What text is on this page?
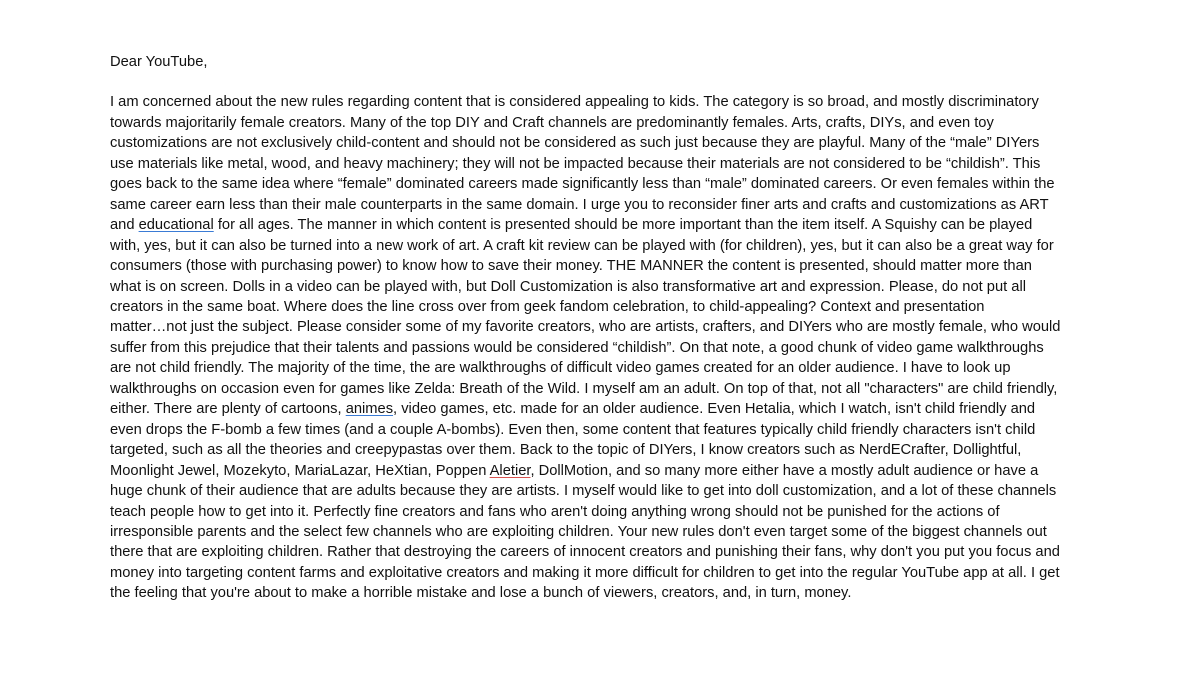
Dear YouTube,
I am concerned about the new rules regarding content that is considered appealing to kids. The category is so broad, and mostly discriminatory
towards majoritarily female creators. Many of the top DIY and Craft channels are predominantly females. Arts, crafts, DIYs, and even toy
customizations are not exclusively child-content and should not be considered as such just because they are playful. Many of the “male” DIYers
use materials like metal, wood, and heavy machinery; they will not be impacted because their materials are not considered to be “childish”. This
goes back to the same idea where “female” dominated careers made significantly less than “male” dominated careers. Or even females within the
same career earn less than their male counterparts in the same domain. I urge you to reconsider finer arts and crafts and customizations as ART
and educational for all ages. The manner in which content is presented should be more important than the item itself. A Squishy can be played
with, yes, but it can also be turned into a new work of art. A craft kit review can be played with (for children), yes, but it can also be a great way for
consumers (those with purchasing power) to know how to save their money. THE MANNER the content is presented, should matter more than
what is on screen. Dolls in a video can be played with, but Doll Customization is also transformative art and expression. Please, do not put all
creators in the same boat. Where does the line cross over from geek fandom celebration, to child-appealing? Context and presentation
matter…not just the subject. Please consider some of my favorite creators, who are artists, crafters, and DIYers who are mostly female, who would
suffer from this prejudice that their talents and passions would be considered “childish”. On that note, a good chunk of video game walkthroughs
are not child friendly. The majority of the time, the are walkthroughs of difficult video games created for an older audience. I have to look up
walkthroughs on occasion even for games like Zelda: Breath of the Wild. I myself am an adult. On top of that, not all "characters" are child friendly,
either. There are plenty of cartoons, animes, video games, etc. made for an older audience. Even Hetalia, which I watch, isn't child friendly and
even drops the F-bomb a few times (and a couple A-bombs). Even then, some content that features typically child friendly characters isn't child
targeted, such as all the theories and creepypastas over them. Back to the topic of DIYers, I know creators such as NerdECrafter, Dollightful,
Moonlight Jewel, Mozekyto, MariaLazar, HeXtian, Poppen Aletier, DollMotion, and so many more either have a mostly adult audience or have a
huge chunk of their audience that are adults because they are artists. I myself would like to get into doll customization, and a lot of these channels
teach people how to get into it. Perfectly fine creators and fans who aren't doing anything wrong should not be punished for the actions of
irresponsible parents and the select few channels who are exploiting children. Your new rules don't even target some of the biggest channels out
there that are exploiting children. Rather that destroying the careers of innocent creators and punishing their fans, why don't you put you focus and
money into targeting content farms and exploitative creators and making it more difficult for children to get into the regular YouTube app at all. I get
the feeling that you're about to make a horrible mistake and lose a bunch of viewers, creators, and, in turn, money.
